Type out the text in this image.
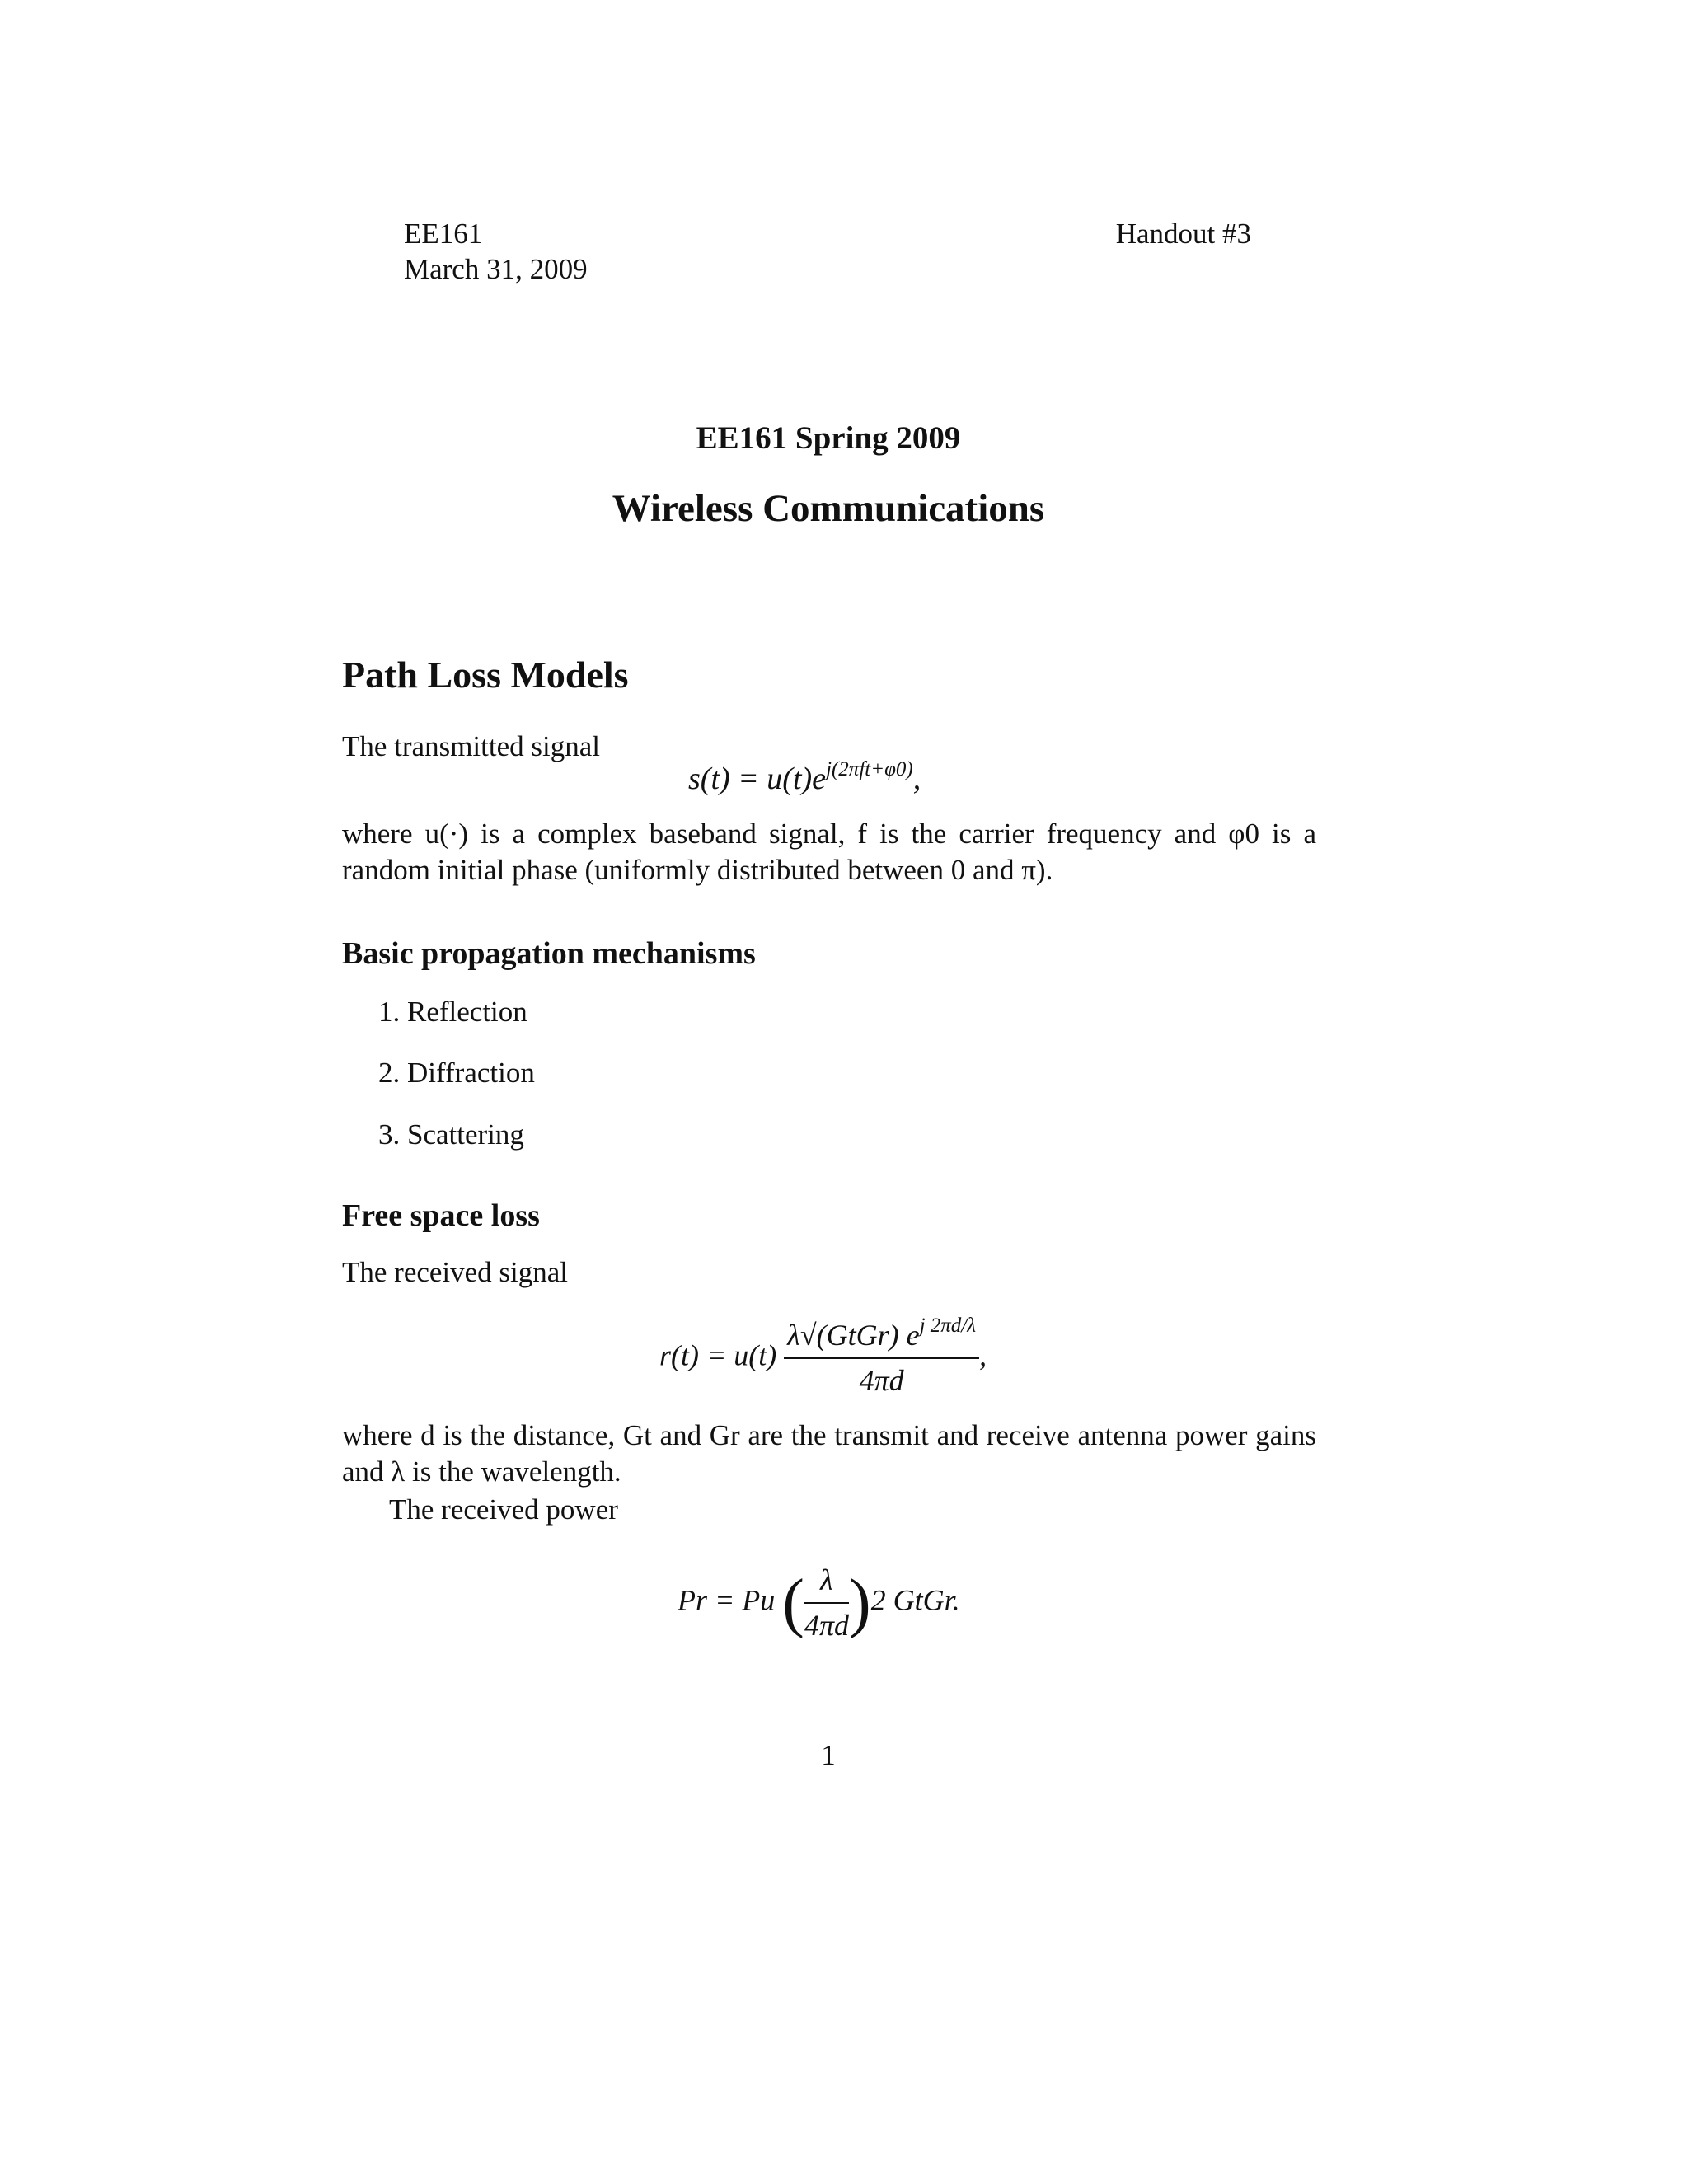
EE161
March 31, 2009
Handout #3
EE161 Spring 2009
Wireless Communications
Path Loss Models
The transmitted signal
$s(t) = u(t)e^{j(2\pi ft+\varphi 0)}$,
where u(·) is a complex baseband signal, f is the carrier frequency and φ0 is a random initial phase (uniformly distributed between 0 and π).
Basic propagation mechanisms
1. Reflection
2. Diffraction
3. Scattering
Free space loss
The received signal
$r(t) = u(t) \frac{\lambda√(GtGr) e^{j 2\pi d/\lambda}}{4\pi d}$ ,
where d is the distance, Gt and Gr are the transmit and receive antenna power gains and λ is the wavelength.
The received power
Pr = Pu ( $\frac{\lambda}{4\pi d} )2$ GtGr.
1
